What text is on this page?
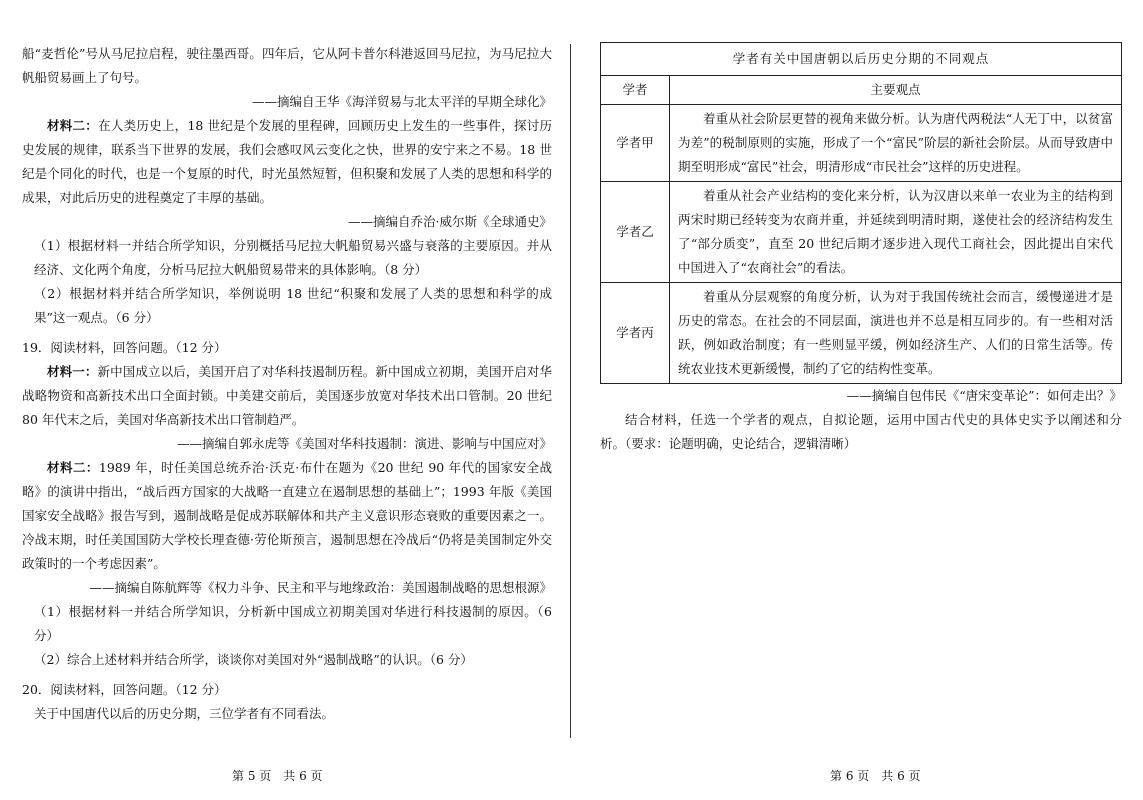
船“麦哲伦”号从马尼拉启程，驶往墨西哥。四年后，它从阿卡普尔科港返回马尼拉，为马尼拉大帆船贸易画上了句号。

——摘编自王华《海洋贸易与北太平洋的早期全球化》

材料二：在人类历史上，18 世纪是个发展的里程碑，回顾历史上发生的一些事件，探讨历史发展的规律，联系当下世界的发展，我们会感叹风云变化之快，世界的安宁来之不易。18 世纪是个同化的时代，也是一个复原的时代，时光虽然短暂，但积聚和发展了人类的思想和科学的成果，对此后历史的进程奠定了丰厚的基础。

——摘编自乔治·威尔斯《全球通史》

（1）根据材料一并结合所学知识，分别概括马尼拉大帆船贸易兴盛与衰落的主要原因。并从经济、文化两个角度，分析马尼拉大帆船贸易带来的具体影响。（8 分）

（2）根据材料并结合所学知识，举例说明 18 世纪“积聚和发展了人类的思想和科学的成果”这一观点。（6 分）

19．阅读材料，回答问题。（12 分）

材料一：新中国成立以后，美国开启了对华科技遏制历程。新中国成立初期，美国开启对华战略物资和高新技术出口全面封锁。中美建交前后，美国逐步放宽对华技术出口管制。20 世纪 80 年代末之后，美国对华高新技术出口管制趋严。

——摘编自郭永虎等《美国对华科技遏制：演进、影响与中国应对》

材料二：1989 年，时任美国总统乔治·沃克·布什在题为《20 世纪 90 年代的国家安全战略》的演讲中指出，“战后西方国家的大战略一直建立在遏制思想的基础上”；1993 年版《美国国家安全战略》报告写到，遏制战略是促成苏联解体和共产主义意识形态衰败的重要因素之一。冷战末期，时任美国国防大学校长理查德·劳伦斯预言，遏制思想在冷战后“仍将是美国制定外交政策时的一个考虑因素”。

——摘编自陈航辉等《权力斗争、民主和平与地缘政治：美国遏制战略的思想根源》

（1）根据材料一并结合所学知识，分析新中国成立初期美国对华进行科技遏制的原因。（6 分）

（2）综合上述材料并结合所学，谈谈你对美国对外“遏制战略”的认识。（6 分）

20．阅读材料，回答问题。（12 分）

关于中国唐代以后的历史分期，三位学者有不同看法。

学者有关中国唐朝以后历史分期的不同观点	
学者	主要观点
学者甲	着重从社会阶层更替的视角来做分析。认为唐代两税法“人无丁中，以贫富为差”的税制原则的实施，形成了一个“富民”阶层的新社会阶层。从而导致唐中期至明形成“富民”社会，明清形成“市民社会”这样的历史进程。
学者乙	着重从社会产业结构的变化来分析，认为汉唐以来单一农业为主的结构到两宋时期已经转变为农商并重，并延续到明清时期，遂使社会的经济结构发生了“部分质变”，直至 20 世纪后期才逐步进入现代工商社会，因此提出自宋代中国进入了“农商社会”的看法。
学者丙	着重从分层观察的角度分析，认为对于我国传统社会而言，缓慢递进才是历史的常态。在社会的不同层面，演进也并不总是相互同步的。有一些相对活跃，例如政治制度；有一些则显平缓，例如经济生产、人们的日常生活等。传统农业技术更新缓慢，制约了它的结构性变革。

——摘编自包伟民《“唐宋变革论”：如何走出？》

结合材料，任选一个学者的观点，自拟论题，运用中国古代史的具体史实予以阐述和分析。（要求：论题明确，史论结合，逻辑清晰）

第 5 页　共 6 页	第 6 页　共 6 页
